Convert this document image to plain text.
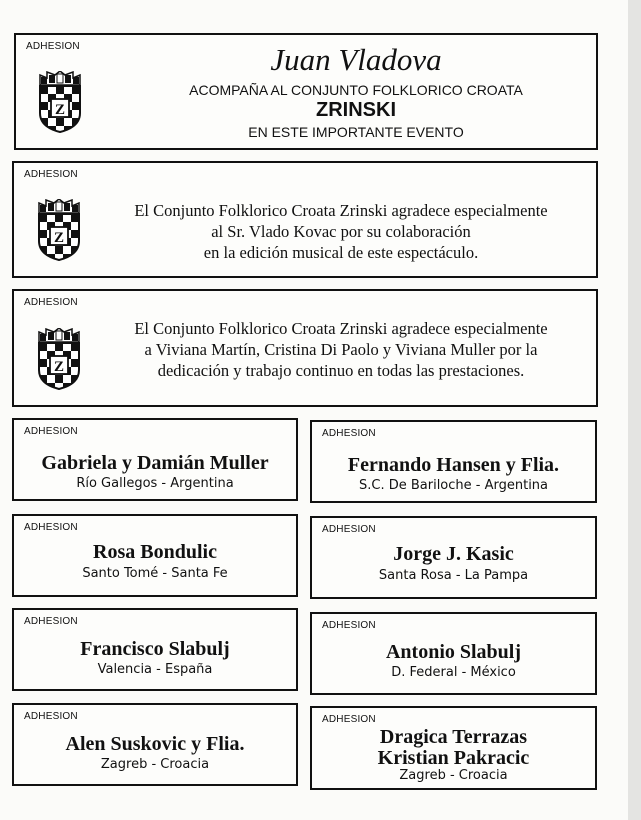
ADHESION
Z
Juan Vladova
ACOMPAÑA AL CONJUNTO FOLKLORICO CROATA
ZRINSKI
EN ESTE IMPORTANTE EVENTO
ADHESION
Z
El Conjunto Folklorico Croata Zrinski agradece especialmente
al Sr. Vlado Kovac por su colaboración
en la edición musical de este espectáculo.
ADHESION
Z
El Conjunto Folklorico Croata Zrinski agradece especialmente
a Viviana Martín, Cristina Di Paolo y Viviana Muller por la
dedicación y trabajo continuo en todas las prestaciones.
ADHESION
Gabriela y Damián Muller
Río Gallegos - Argentina
ADHESION
Fernando Hansen y Flia.
S.C. De Bariloche - Argentina
ADHESION
Rosa Bondulic
Santo Tomé - Santa Fe
ADHESION
Jorge J. Kasic
Santa Rosa - La Pampa
ADHESION
Francisco Slabulj
Valencia - España
ADHESION
Antonio Slabulj
D. Federal - México
ADHESION
Alen Suskovic y Flia.
Zagreb - Croacia
ADHESION
Dragica Terrazas
Kristian Pakracic
Zagreb - Croacia
